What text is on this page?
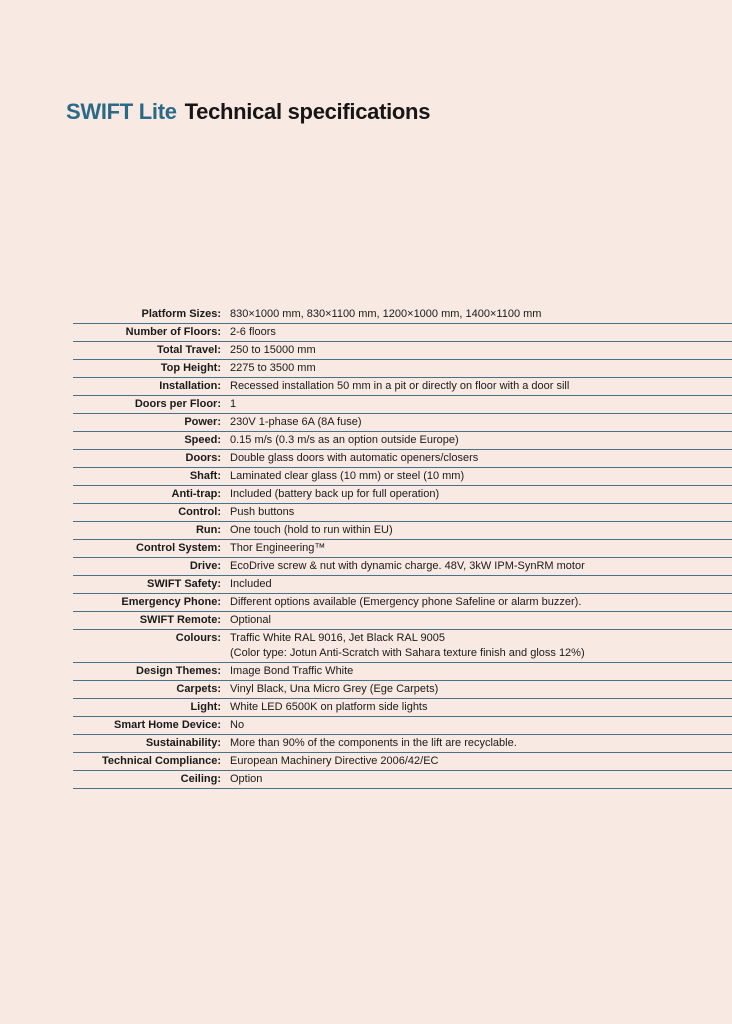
SWIFT Lite Technical specifications
Platform Sizes: 830×1000 mm, 830×1100 mm, 1200×1000 mm, 1400×1100 mm
Number of Floors: 2-6 floors
Total Travel: 250 to 15000 mm
Top Height: 2275 to 3500 mm
Installation: Recessed installation 50 mm in a pit or directly on floor with a door sill
Doors per Floor: 1
Power: 230V 1-phase 6A (8A fuse)
Speed: 0.15 m/s (0.3 m/s as an option outside Europe)
Doors: Double glass doors with automatic openers/closers
Shaft: Laminated clear glass (10 mm) or steel (10 mm)
Anti-trap: Included (battery back up for full operation)
Control: Push buttons
Run: One touch (hold to run within EU)
Control System: Thor Engineering™
Drive: EcoDrive screw & nut with dynamic charge. 48V, 3kW IPM-SynRM motor
SWIFT Safety: Included
Emergency Phone: Different options available (Emergency phone Safeline or alarm buzzer).
SWIFT Remote: Optional
Colours: Traffic White RAL 9016, Jet Black RAL 9005
(Color type: Jotun Anti-Scratch with Sahara texture finish and gloss 12%)
Design Themes: Image Bond Traffic White
Carpets: Vinyl Black, Una Micro Grey (Ege Carpets)
Light: White LED 6500K on platform side lights
Smart Home Device: No
Sustainability: More than 90% of the components in the lift are recyclable.
Technical Compliance: European Machinery Directive 2006/42/EC
Ceiling: Option
